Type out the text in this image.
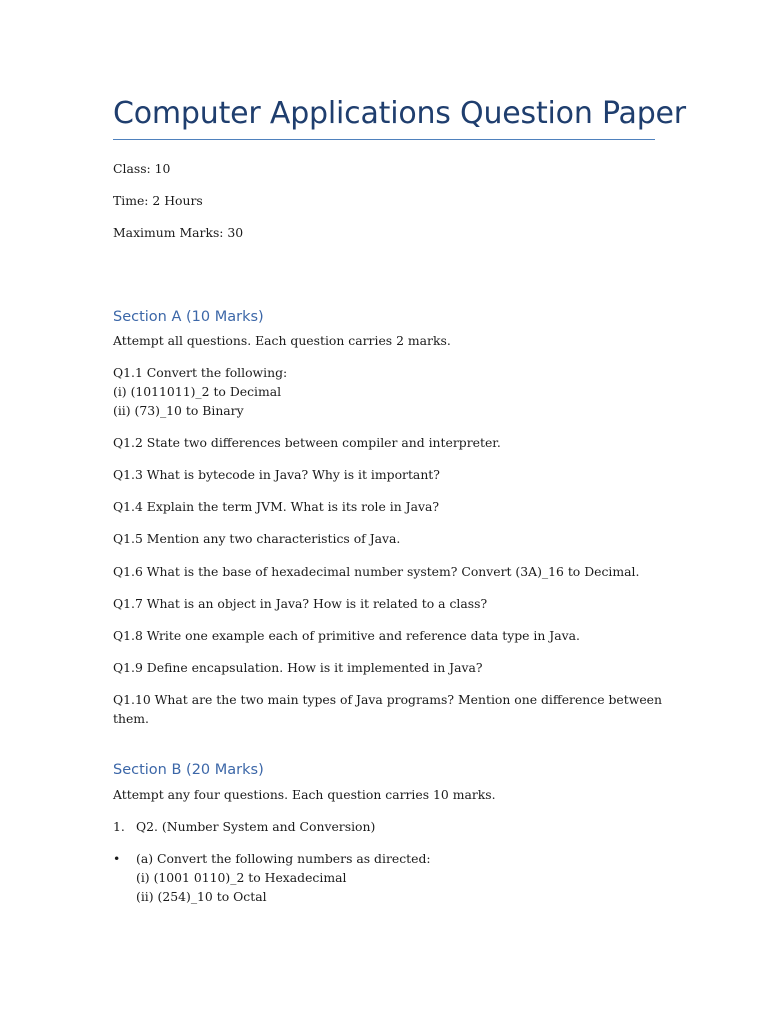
Computer Applications Question Paper
Class: 10
Time: 2 Hours
Maximum Marks: 30
Section A (10 Marks)
Attempt all questions. Each question carries 2 marks.
Q1.1 Convert the following:
(i) (1011011)_2 to Decimal
(ii) (73)_10 to Binary
Q1.2 State two differences between compiler and interpreter.
Q1.3 What is bytecode in Java? Why is it important?
Q1.4 Explain the term JVM. What is its role in Java?
Q1.5 Mention any two characteristics of Java.
Q1.6 What is the base of hexadecimal number system? Convert (3A)_16 to Decimal.
Q1.7 What is an object in Java? How is it related to a class?
Q1.8 Write one example each of primitive and reference data type in Java.
Q1.9 Define encapsulation. How is it implemented in Java?
Q1.10 What are the two main types of Java programs? Mention one difference between
them.
Section B (20 Marks)
Attempt any four questions. Each question carries 10 marks.
1. Q2. (Number System and Conversion)
• (a) Convert the following numbers as directed:
(i) (1001 0110)_2 to Hexadecimal
(ii) (254)_10 to Octal
